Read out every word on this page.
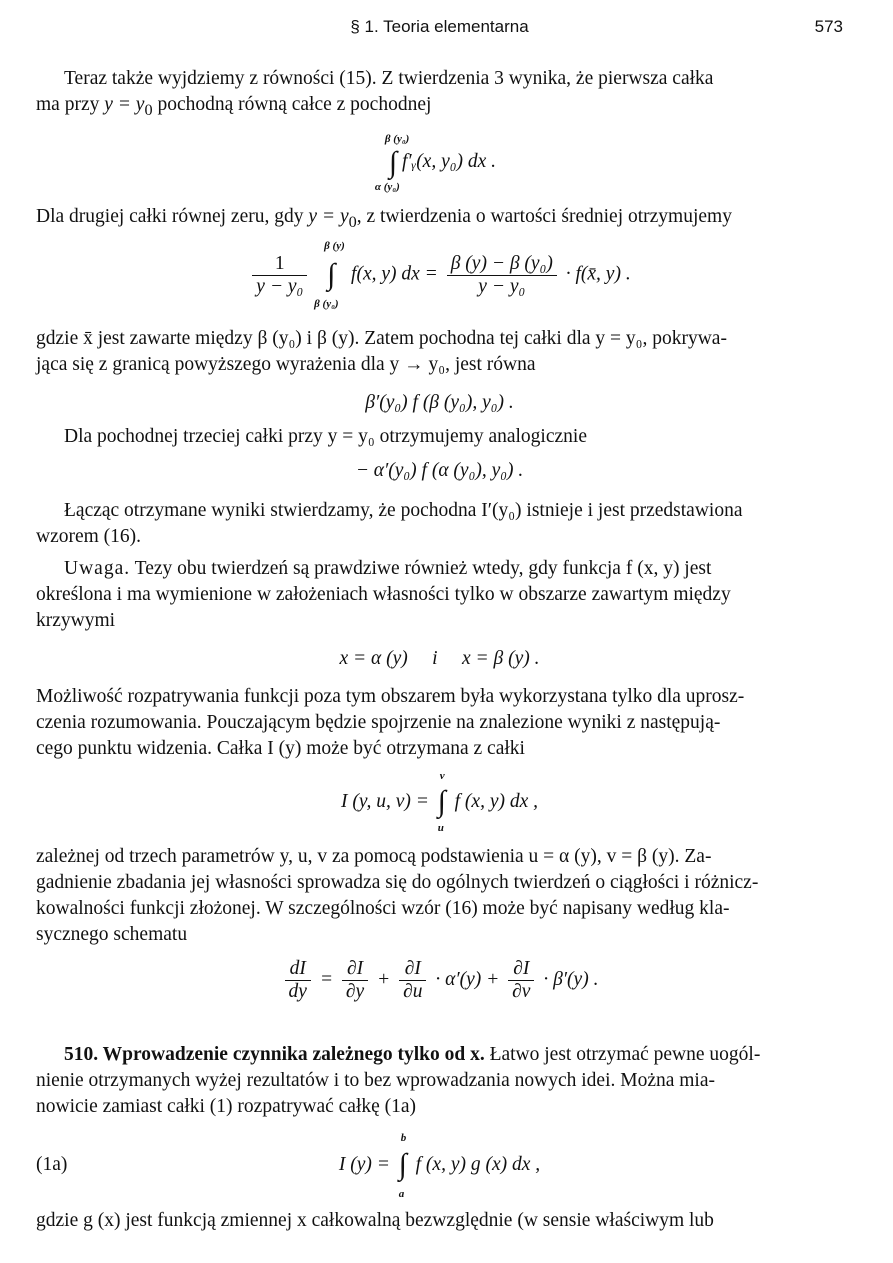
§ 1. Teoria elementarna	573

Teraz także wyjdziemy z równości (15). Z twierdzenia 3 wynika, że pierwsza całka

ma przy $y = y_0$ pochodną równą całce z pochodnej

β (y₀)
∫
α (y₀)
f′ᵧ(x, y₀) dx .

Dla drugiej całki równej zeru, gdy $y = y_0$, z twierdzenia o wartości średniej otrzymujemy

$\frac{1}{\text{y − y₀}}$

β (y)
∫
β (y₀)
f(x, y) dx = $\frac{\text{β (y) − β (y₀)}}{\text{y − y₀}}$ · f(x̄, y) .

gdzie x̄ jest zawarte między β (y₀) i β (y). Zatem pochodna tej całki dla y = y₀, pokrywa-

jąca się z granicą powyższego wyrażenia dla y → y₀, jest równa

β′(y₀) f (β (y₀), y₀) .

Dla pochodnej trzeciej całki przy y = y₀ otrzymujemy analogicznie

− α′(y₀) f (α (y₀), y₀) .

Łącząc otrzymane wyniki stwierdzamy, że pochodna I′(y₀) istnieje i jest przedstawiona

wzorem (16).

Uwaga. Tezy obu twierdzeń są prawdziwe również wtedy, gdy funkcja f (x, y) jest

określona i ma wymienione w założeniach własności tylko w obszarze zawartym między

krzywymi

x = α (y)     i     x = β (y) .

Możliwość rozpatrywania funkcji poza tym obszarem była wykorzystana tylko dla uprosz-

czenia rozumowania. Pouczającym będzie spojrzenie na znalezione wyniki z następują-

cego punktu widzenia. Całka I (y) może być otrzymana z całki

I (y, u, v) =
v
∫
u
f (x, y) dx ,

zależnej od trzech parametrów y, u, v za pomocą podstawienia u = α (y), v = β (y). Za-

gadnienie zbadania jej własności sprowadza się do ogólnych twierdzeń o ciągłości i różnicz-

kowalności funkcji złożonej. W szczególności wzór (16) może być napisany według kla-

sycznego schematu

$\frac{dI}{dy} = \frac{\partial I}{\partial y} + \frac{\partial I}{\partial u} \cdot \alpha'(y) + \frac{\partial I}{\partial v} \cdot \beta'(y)$ .

510. Wprowadzenie czynnika zależnego tylko od x. Łatwo jest otrzymać pewne uogól-

nienie otrzymanych wyżej rezultatów i to bez wprowadzania nowych idei. Można mia-

nowicie zamiast całki (1) rozpatrywać całkę (1a)

(1a)	I (y) =
b
∫
a
f (x, y) g (x) dx ,

gdzie g (x) jest funkcją zmiennej x całkowalną bezwzględnie (w sensie właściwym lub
